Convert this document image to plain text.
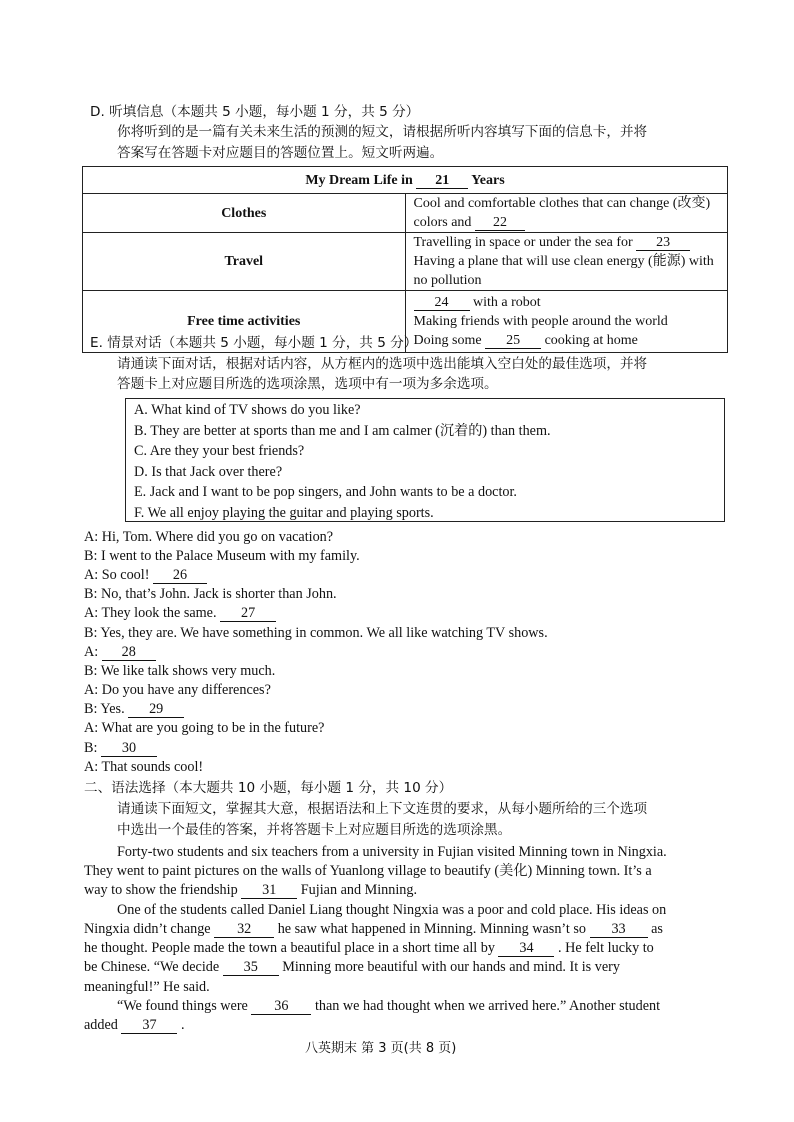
D. 听填信息（本题共 5 小题，每小题 1 分，共 5 分）
你将听到的是一篇有关未来生活的预测的短文，请根据所听内容填写下面的信息卡，并将
答案写在答题卡对应题目的答题位置上。短文听两遍。
My Dream Life in 21 Years	
Clothes	Cool and comfortable clothes that can change (改变) colors and 22
Travel	Travelling in space or under the sea for 23
Having a plane that will use clean energy (能源) with no pollution

Free time activities	24 with a robot
Making friends with people around the world
Doing some 25 cooking at home
E. 情景对话（本题共 5 小题，每小题 1 分，共 5 分）
请通读下面对话，根据对话内容，从方框内的选项中选出能填入空白处的最佳选项，并将
答题卡上对应题目所选的选项涂黑，选项中有一项为多余选项。
A. What kind of TV shows do you like?
B. They are better at sports than me and I am calmer (沉着的) than them.
C. Are they your best friends?
D. Is that Jack over there?
E. Jack and I want to be pop singers, and John wants to be a doctor.
F. We all enjoy playing the guitar and playing sports.
A: Hi, Tom. Where did you go on vacation?
B: I went to the Palace Museum with my family.
A: So cool! 26
B: No, that’s John. Jack is shorter than John.
A: They look the same. 27
B: Yes, they are. We have something in common. We all like watching TV shows.
A: 28
B: We like talk shows very much.
A: Do you have any differences?
B: Yes. 29
A: What are you going to be in the future?
B: 30
A: That sounds cool!
二、语法选择（本大题共 10 小题，每小题 1 分，共 10 分）
请通读下面短文，掌握其大意，根据语法和上下文连贯的要求，从每小题所给的三个选项
中选出一个最佳的答案，并将答题卡上对应题目所选的选项涂黑。
Forty-two students and six teachers from a university in Fujian visited Minning town in Ningxia.
They went to paint pictures on the walls of Yuanlong village to beautify (美化) Minning town. It’s a
way to show the friendship 31 Fujian and Minning.
One of the students called Daniel Liang thought Ningxia was a poor and cold place. His ideas on
Ningxia didn’t change 32 he saw what happened in Minning. Minning wasn’t so 33 as
he thought. People made the town a beautiful place in a short time all by 34 . He felt lucky to
be Chinese. “We decide 35 Minning more beautiful with our hands and mind. It is very
meaningful!” He said.
“We found things were 36 than we had thought when we arrived here.” Another student
added 37 .
八英期末 第 3 页(共 8 页)
